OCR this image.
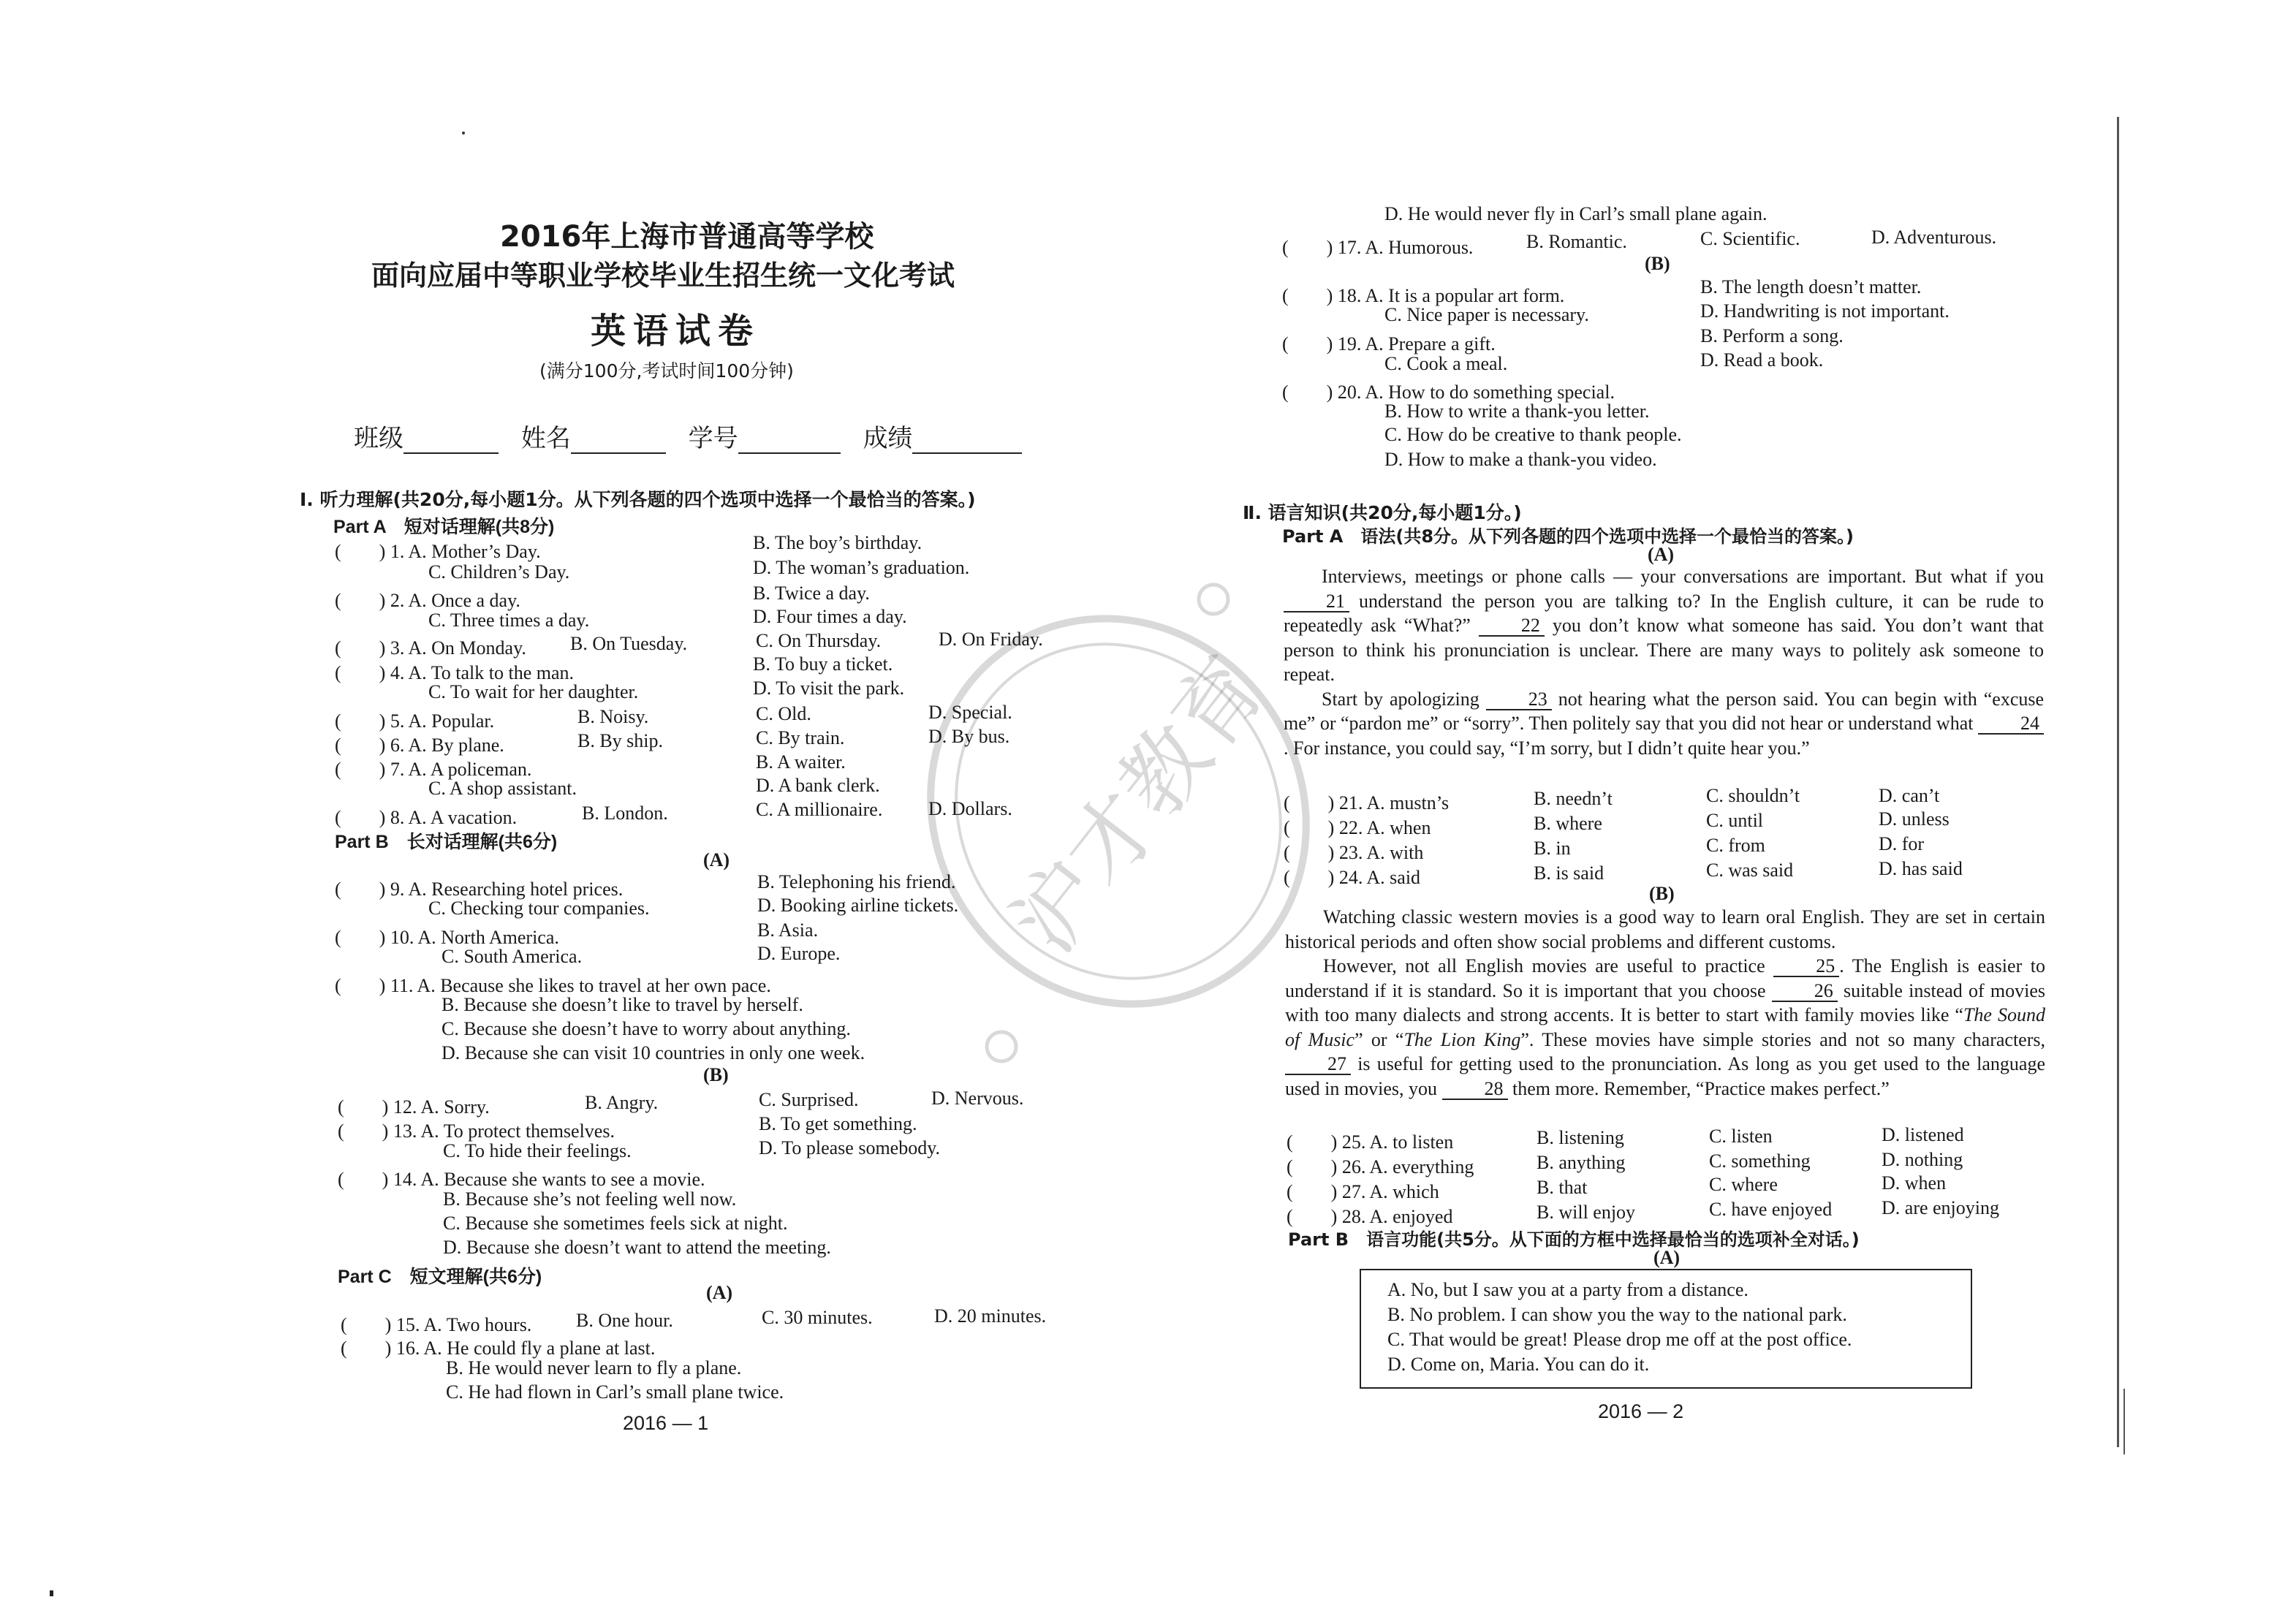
沪才教育
2016年上海市普通高等学校
面向应届中等职业学校毕业生招生统一文化考试
英语试卷
(满分100分,考试时间100分钟)
班级	姓名	学号	成绩
Ⅰ. 听力理解(共20分,每小题1分。从下列各题的四个选项中选择一个最恰当的答案。)
Part A　短对话理解(共8分)
(　　) 1. A. Mother’s Day.	B. The boy’s birthday.
C. Children’s Day.	D. The woman’s graduation.
(　　) 2. A. Once a day.	B. Twice a day.
C. Three times a day.	D. Four times a day.
(　　) 3. A. On Monday. B. On Tuesday.	C. On Thursday.	D. On Friday.
(　　) 4. A. To talk to the man.	B. To buy a ticket.
C. To wait for her daughter.	D. To visit the park.
(　　) 5. A. Popular.	B. Noisy.	C. Old.	D. Special.
(　　) 6. A. By plane.	B. By ship.	C. By train.	D. By bus.
(　　) 7. A. A policeman.	B. A waiter.
C. A shop assistant.	D. A bank clerk.
(　　) 8. A. A vacation.	B. London.	C. A millionaire. D. Dollars.
Part B　长对话理解(共6分)
(A)
(　　) 9. A. Researching hotel prices.	B. Telephoning his friend.
C. Checking tour companies.	D. Booking airline tickets.
(　　) 10. A. North America.	B. Asia.
C. South America.	D. Europe.
(　　) 11. A. Because she likes to travel at her own pace.
B. Because she doesn’t like to travel by herself.
C. Because she doesn’t have to worry about anything.
D. Because she can visit 10 countries in only one week.
(B)
(　　) 12. A. Sorry.	B. Angry.	C. Surprised.	D. Nervous.
(　　) 13. A. To protect themselves.	B. To get something.
C. To hide their feelings.	D. To please somebody.
(　　) 14. A. Because she wants to see a movie.
B. Because she’s not feeling well now.
C. Because she sometimes feels sick at night.
D. Because she doesn’t want to attend the meeting.
Part C　短文理解(共6分)
(A)
(　　) 15. A. Two hours. B. One hour.	C. 30 minutes.	D. 20 minutes.
(　　) 16. A. He could fly a plane at last.
B. He would never learn to fly a plane.
C. He had flown in Carl’s small plane twice.
2016 — 1
D. He would never fly in Carl’s small plane again.
(　　) 17. A. Humorous.	B. Romantic.	C. Scientific.	D. Adventurous.
(B)
(　　) 18. A. It is a popular art form.	B. The length doesn’t matter.
C. Nice paper is necessary.	D. Handwriting is not important.
(　　) 19. A. Prepare a gift.	B. Perform a song.
C. Cook a meal.	D. Read a book.
(　　) 20. A. How to do something special.
B. How to write a thank-you letter.
C. How do be creative to thank people.
D. How to make a thank-you video.
Ⅱ. 语言知识(共20分,每小题1分。)
Part A　语法(共8分。从下列各题的四个选项中选择一个最恰当的答案。)
(A)

Interviews, meetings or phone calls — your conversations are important. But what if you 21 understand the person you are talking to? In the English culture, it can be rude to repeatedly ask “What?”	22 you don’t know what someone has said. You don’t want that person to think his pronunciation is unclear. There are many ways to politely ask someone to repeat.

Start by apologizing	23 not hearing what the person said. You can begin with “excuse me” or “pardon me” or “sorry”. Then politely say that you did not hear or understand what 24. For instance, you could say, “I’m sorry, but I didn’t quite hear you.”

(　　) 21. A. mustn’s	B. needn’t	C. shouldn’t	D. can’t
(　　) 22. A. when	B. where	C. until	D. unless
(　　) 23. A. with	B. in	C. from	D. for
(　　) 24. A. said	B. is said	C. was said	D. has said
(B)

Watching classic western movies is a good way to learn oral English. They are set in certain historical periods and often show social problems and different customs.

However, not all English movies are useful to practice	25 . The English is easier to understand if it is standard. So it is important that you choose	26 suitable instead of movies with too many dialects and strong accents. It is better to start with family movies like “The Sound of Music” or “The Lion King”. These movies have simple stories and not so many characters, 27 is useful for getting used to the pronunciation. As long as you get used to the language used in movies, you 28 them more. Remember, “Practice makes perfect.”

(　　) 25. A. to listen	B. listening	C. listen	D. listened
(　　) 26. A. everything	B. anything	C. something	D. nothing
(　　) 27. A. which	B. that	C. where	D. when
(　　) 28. A. enjoyed	B. will enjoy	C. have enjoyed	D. are enjoying
Part B　语言功能(共5分。从下面的方框中选择最恰当的选项补全对话。)
(A)
A. No, but I saw you at a party from a distance.
B. No problem. I can show you the way to the national park.
C. That would be great! Please drop me off at the post office.
D. Come on, Maria. You can do it.
2016 — 2
